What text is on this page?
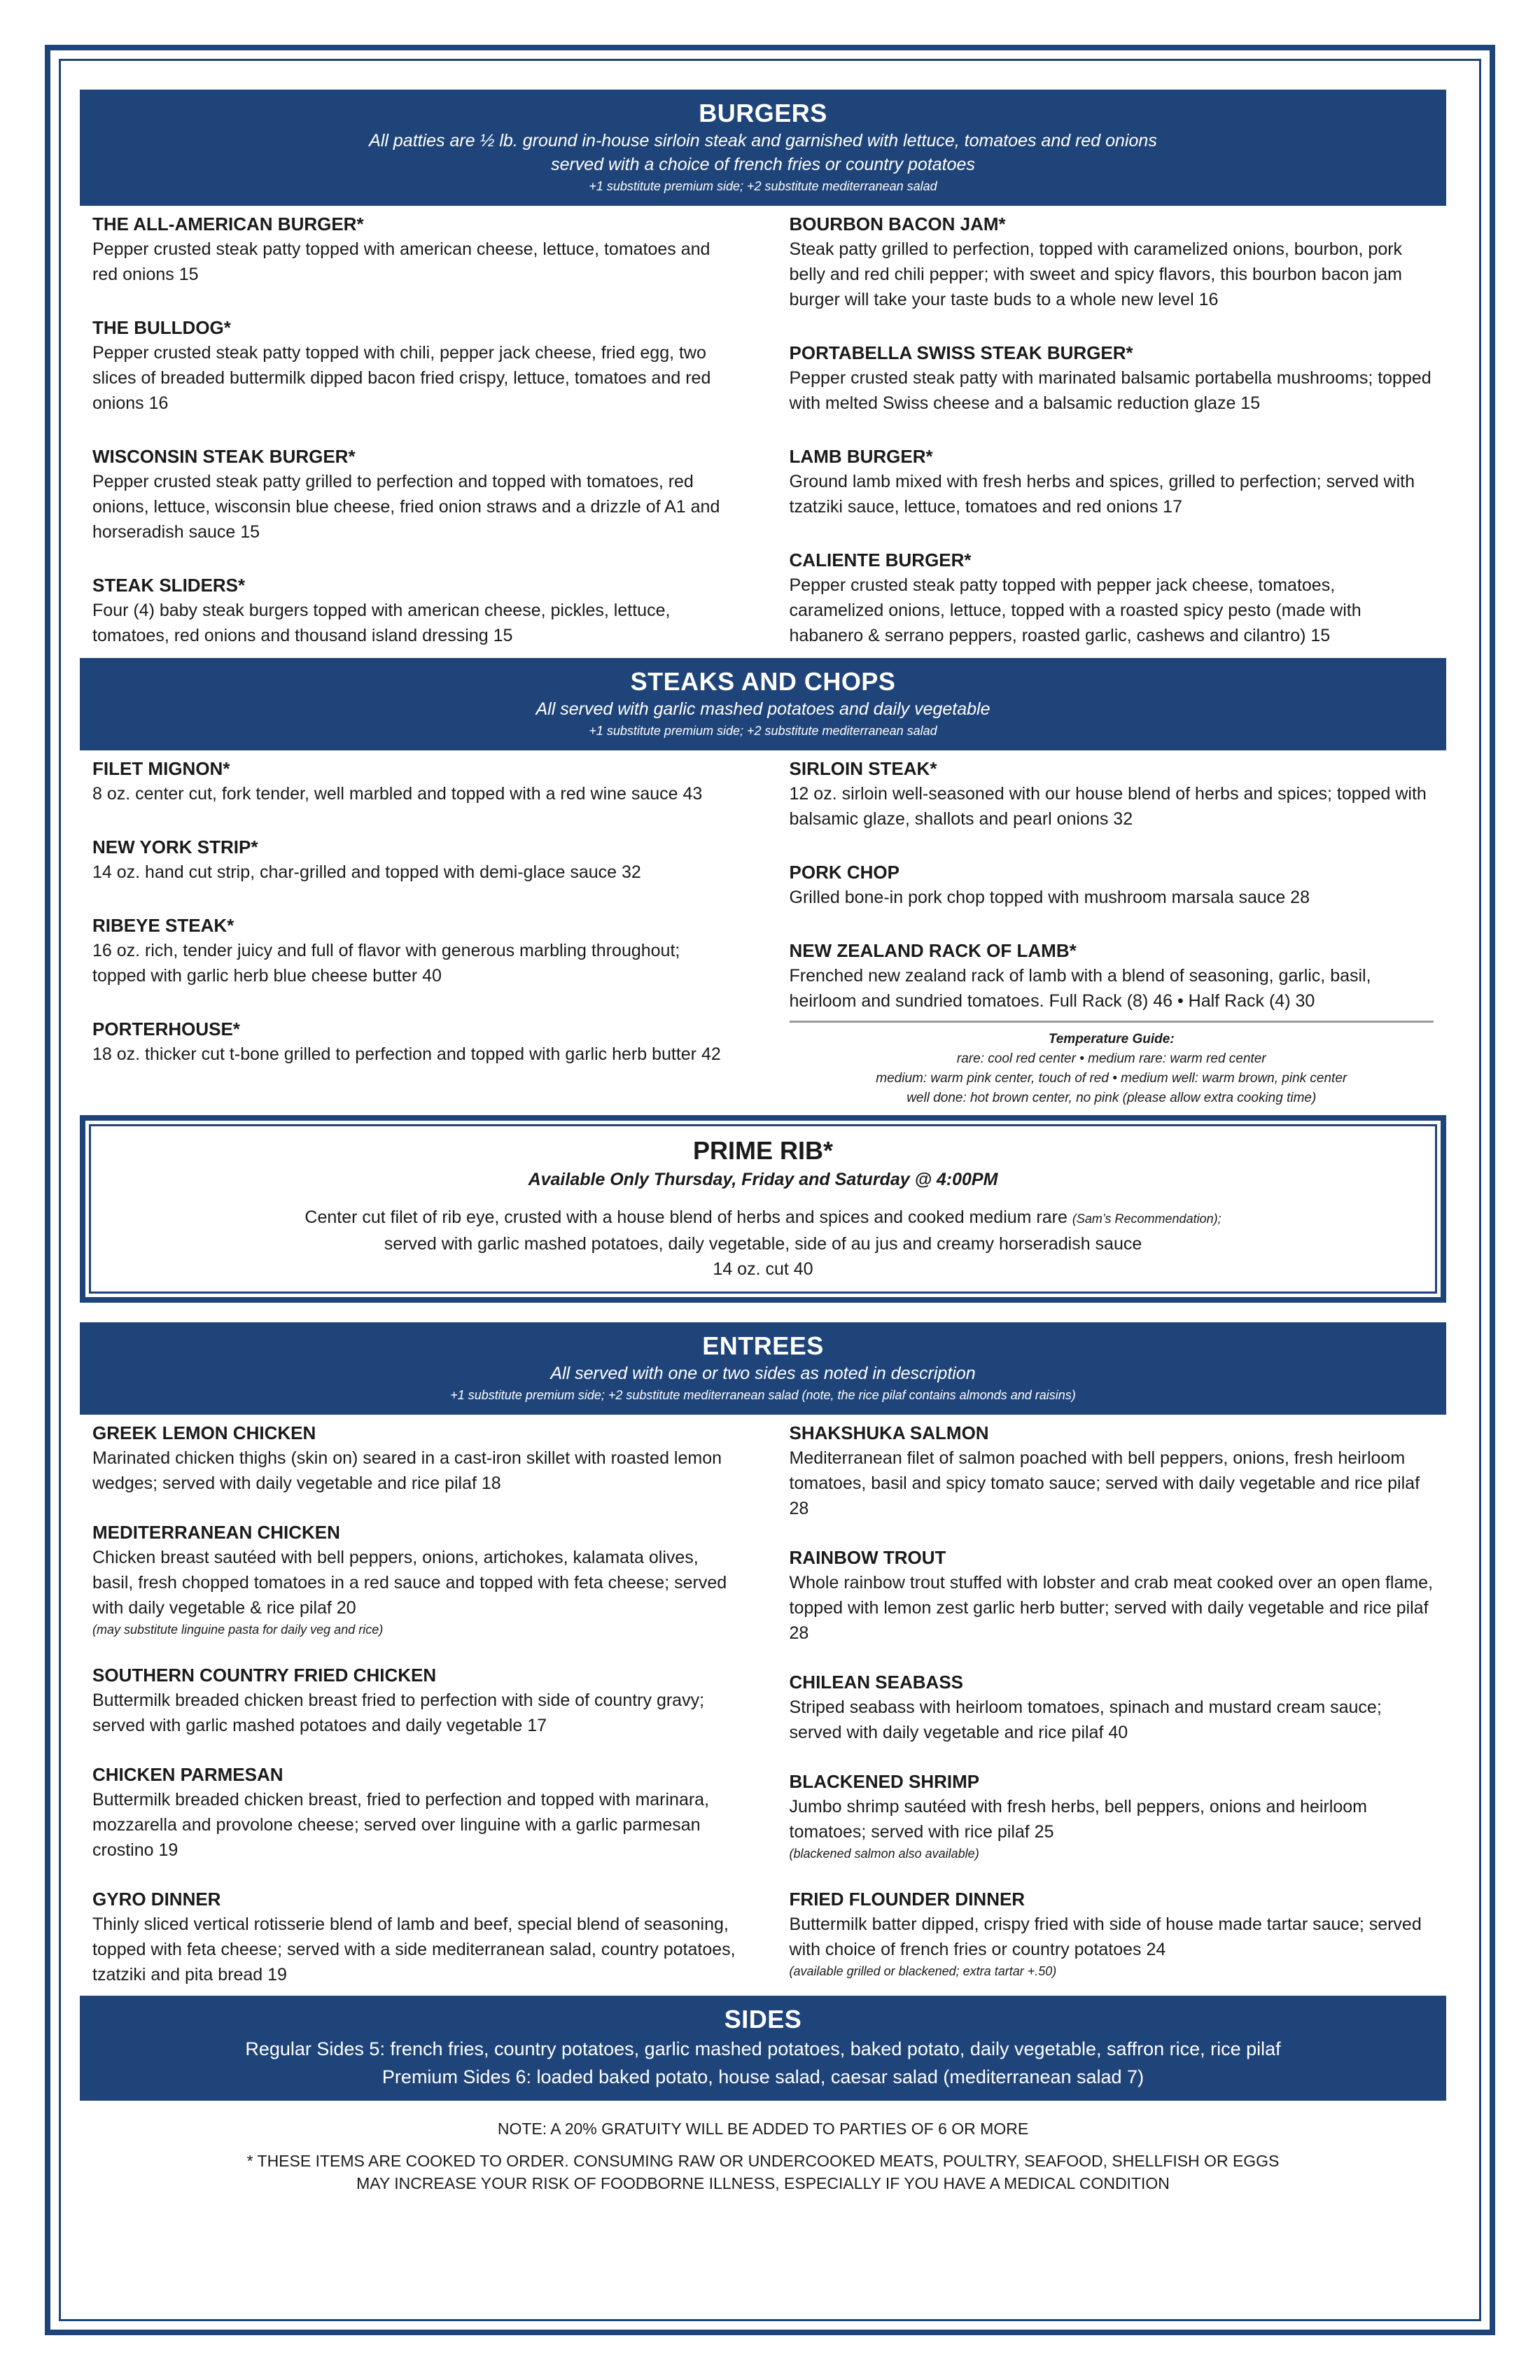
BURGERS
All patties are ½ lb. ground in-house sirloin steak and garnished with lettuce, tomatoes and red onions
served with a choice of french fries or country potatoes
+1 substitute premium side; +2 substitute mediterranean salad
THE ALL-AMERICAN BURGER*
Pepper crusted steak patty topped with american cheese, lettuce, tomatoes and red onions 15
THE BULLDOG*
Pepper crusted steak patty topped with chili, pepper jack cheese, fried egg, two slices of breaded buttermilk dipped bacon fried crispy, lettuce, tomatoes and red onions 16
WISCONSIN STEAK BURGER*
Pepper crusted steak patty grilled to perfection and topped with tomatoes, red onions, lettuce, wisconsin blue cheese, fried onion straws and a drizzle of A1 and horseradish sauce 15
STEAK SLIDERS*
Four (4) baby steak burgers topped with american cheese, pickles, lettuce, tomatoes, red onions and thousand island dressing 15
BOURBON BACON JAM*
Steak patty grilled to perfection, topped with caramelized onions, bourbon, pork belly and red chili pepper; with sweet and spicy flavors, this bourbon bacon jam burger will take your taste buds to a whole new level 16
PORTABELLA SWISS STEAK BURGER*
Pepper crusted steak patty with marinated balsamic portabella mushrooms; topped with melted Swiss cheese and a balsamic reduction glaze 15
LAMB BURGER*
Ground lamb mixed with fresh herbs and spices, grilled to perfection; served with tzatziki sauce, lettuce, tomatoes and red onions 17
CALIENTE BURGER*
Pepper crusted steak patty topped with pepper jack cheese, tomatoes, caramelized onions, lettuce, topped with a roasted spicy pesto (made with habanero & serrano peppers, roasted garlic, cashews and cilantro) 15
STEAKS AND CHOPS
All served with garlic mashed potatoes and daily vegetable
+1 substitute premium side; +2 substitute mediterranean salad
FILET MIGNON*
8 oz. center cut, fork tender, well marbled and topped with a red wine sauce 43
NEW YORK STRIP*
14 oz. hand cut strip, char-grilled and topped with demi-glace sauce 32
RIBEYE STEAK*
16 oz. rich, tender juicy and full of flavor with generous marbling throughout; topped with garlic herb blue cheese butter 40
PORTERHOUSE*
18 oz. thicker cut t-bone grilled to perfection and topped with garlic herb butter 42
SIRLOIN STEAK*
12 oz. sirloin well-seasoned with our house blend of herbs and spices; topped with balsamic glaze, shallots and pearl onions 32
PORK CHOP
Grilled bone-in pork chop topped with mushroom marsala sauce 28
NEW ZEALAND RACK OF LAMB*
Frenched new zealand rack of lamb with a blend of seasoning, garlic, basil, heirloom and sundried tomatoes. Full Rack (8) 46 • Half Rack (4) 30
Temperature Guide:
rare: cool red center • medium rare: warm red center
medium: warm pink center, touch of red • medium well: warm brown, pink center
well done: hot brown center, no pink (please allow extra cooking time)
PRIME RIB*
Available Only Thursday, Friday and Saturday @ 4:00PM
Center cut filet of rib eye, crusted with a house blend of herbs and spices and cooked medium rare (Sam’s Recommendation);
served with garlic mashed potatoes, daily vegetable, side of au jus and creamy horseradish sauce
14 oz. cut 40
ENTREES
All served with one or two sides as noted in description
+1 substitute premium side; +2 substitute mediterranean salad (note, the rice pilaf contains almonds and raisins)
GREEK LEMON CHICKEN
Marinated chicken thighs (skin on) seared in a cast-iron skillet with roasted lemon wedges; served with daily vegetable and rice pilaf 18
MEDITERRANEAN CHICKEN
Chicken breast sautéed with bell peppers, onions, artichokes, kalamata olives, basil, fresh chopped tomatoes in a red sauce and topped with feta cheese; served with daily vegetable & rice pilaf 20
(may substitute linguine pasta for daily veg and rice)
SOUTHERN COUNTRY FRIED CHICKEN
Buttermilk breaded chicken breast fried to perfection with side of country gravy; served with garlic mashed potatoes and daily vegetable 17
CHICKEN PARMESAN
Buttermilk breaded chicken breast, fried to perfection and topped with marinara, mozzarella and provolone cheese; served over linguine with a garlic parmesan crostino 19
GYRO DINNER
Thinly sliced vertical rotisserie blend of lamb and beef, special blend of seasoning, topped with feta cheese; served with a side mediterranean salad, country potatoes, tzatziki and pita bread 19
SHAKSHUKA SALMON
Mediterranean filet of salmon poached with bell peppers, onions, fresh heirloom tomatoes, basil and spicy tomato sauce; served with daily vegetable and rice pilaf 28
RAINBOW TROUT
Whole rainbow trout stuffed with lobster and crab meat cooked over an open flame, topped with lemon zest garlic herb butter; served with daily vegetable and rice pilaf 28
CHILEAN SEABASS
Striped seabass with heirloom tomatoes, spinach and mustard cream sauce; served with daily vegetable and rice pilaf 40
BLACKENED SHRIMP
Jumbo shrimp sautéed with fresh herbs, bell peppers, onions and heirloom tomatoes; served with rice pilaf 25
(blackened salmon also available)
FRIED FLOUNDER DINNER
Buttermilk batter dipped, crispy fried with side of house made tartar sauce; served with choice of french fries or country potatoes 24
(available grilled or blackened; extra tartar +.50)
SIDES
Regular Sides 5: french fries, country potatoes, garlic mashed potatoes, baked potato, daily vegetable, saffron rice, rice pilaf
Premium Sides 6: loaded baked potato, house salad, caesar salad (mediterranean salad 7)
NOTE: A 20% GRATUITY WILL BE ADDED TO PARTIES OF 6 OR MORE
* THESE ITEMS ARE COOKED TO ORDER. CONSUMING RAW OR UNDERCOOKED MEATS, POULTRY, SEAFOOD, SHELLFISH OR EGGS
MAY INCREASE YOUR RISK OF FOODBORNE ILLNESS, ESPECIALLY IF YOU HAVE A MEDICAL CONDITION
